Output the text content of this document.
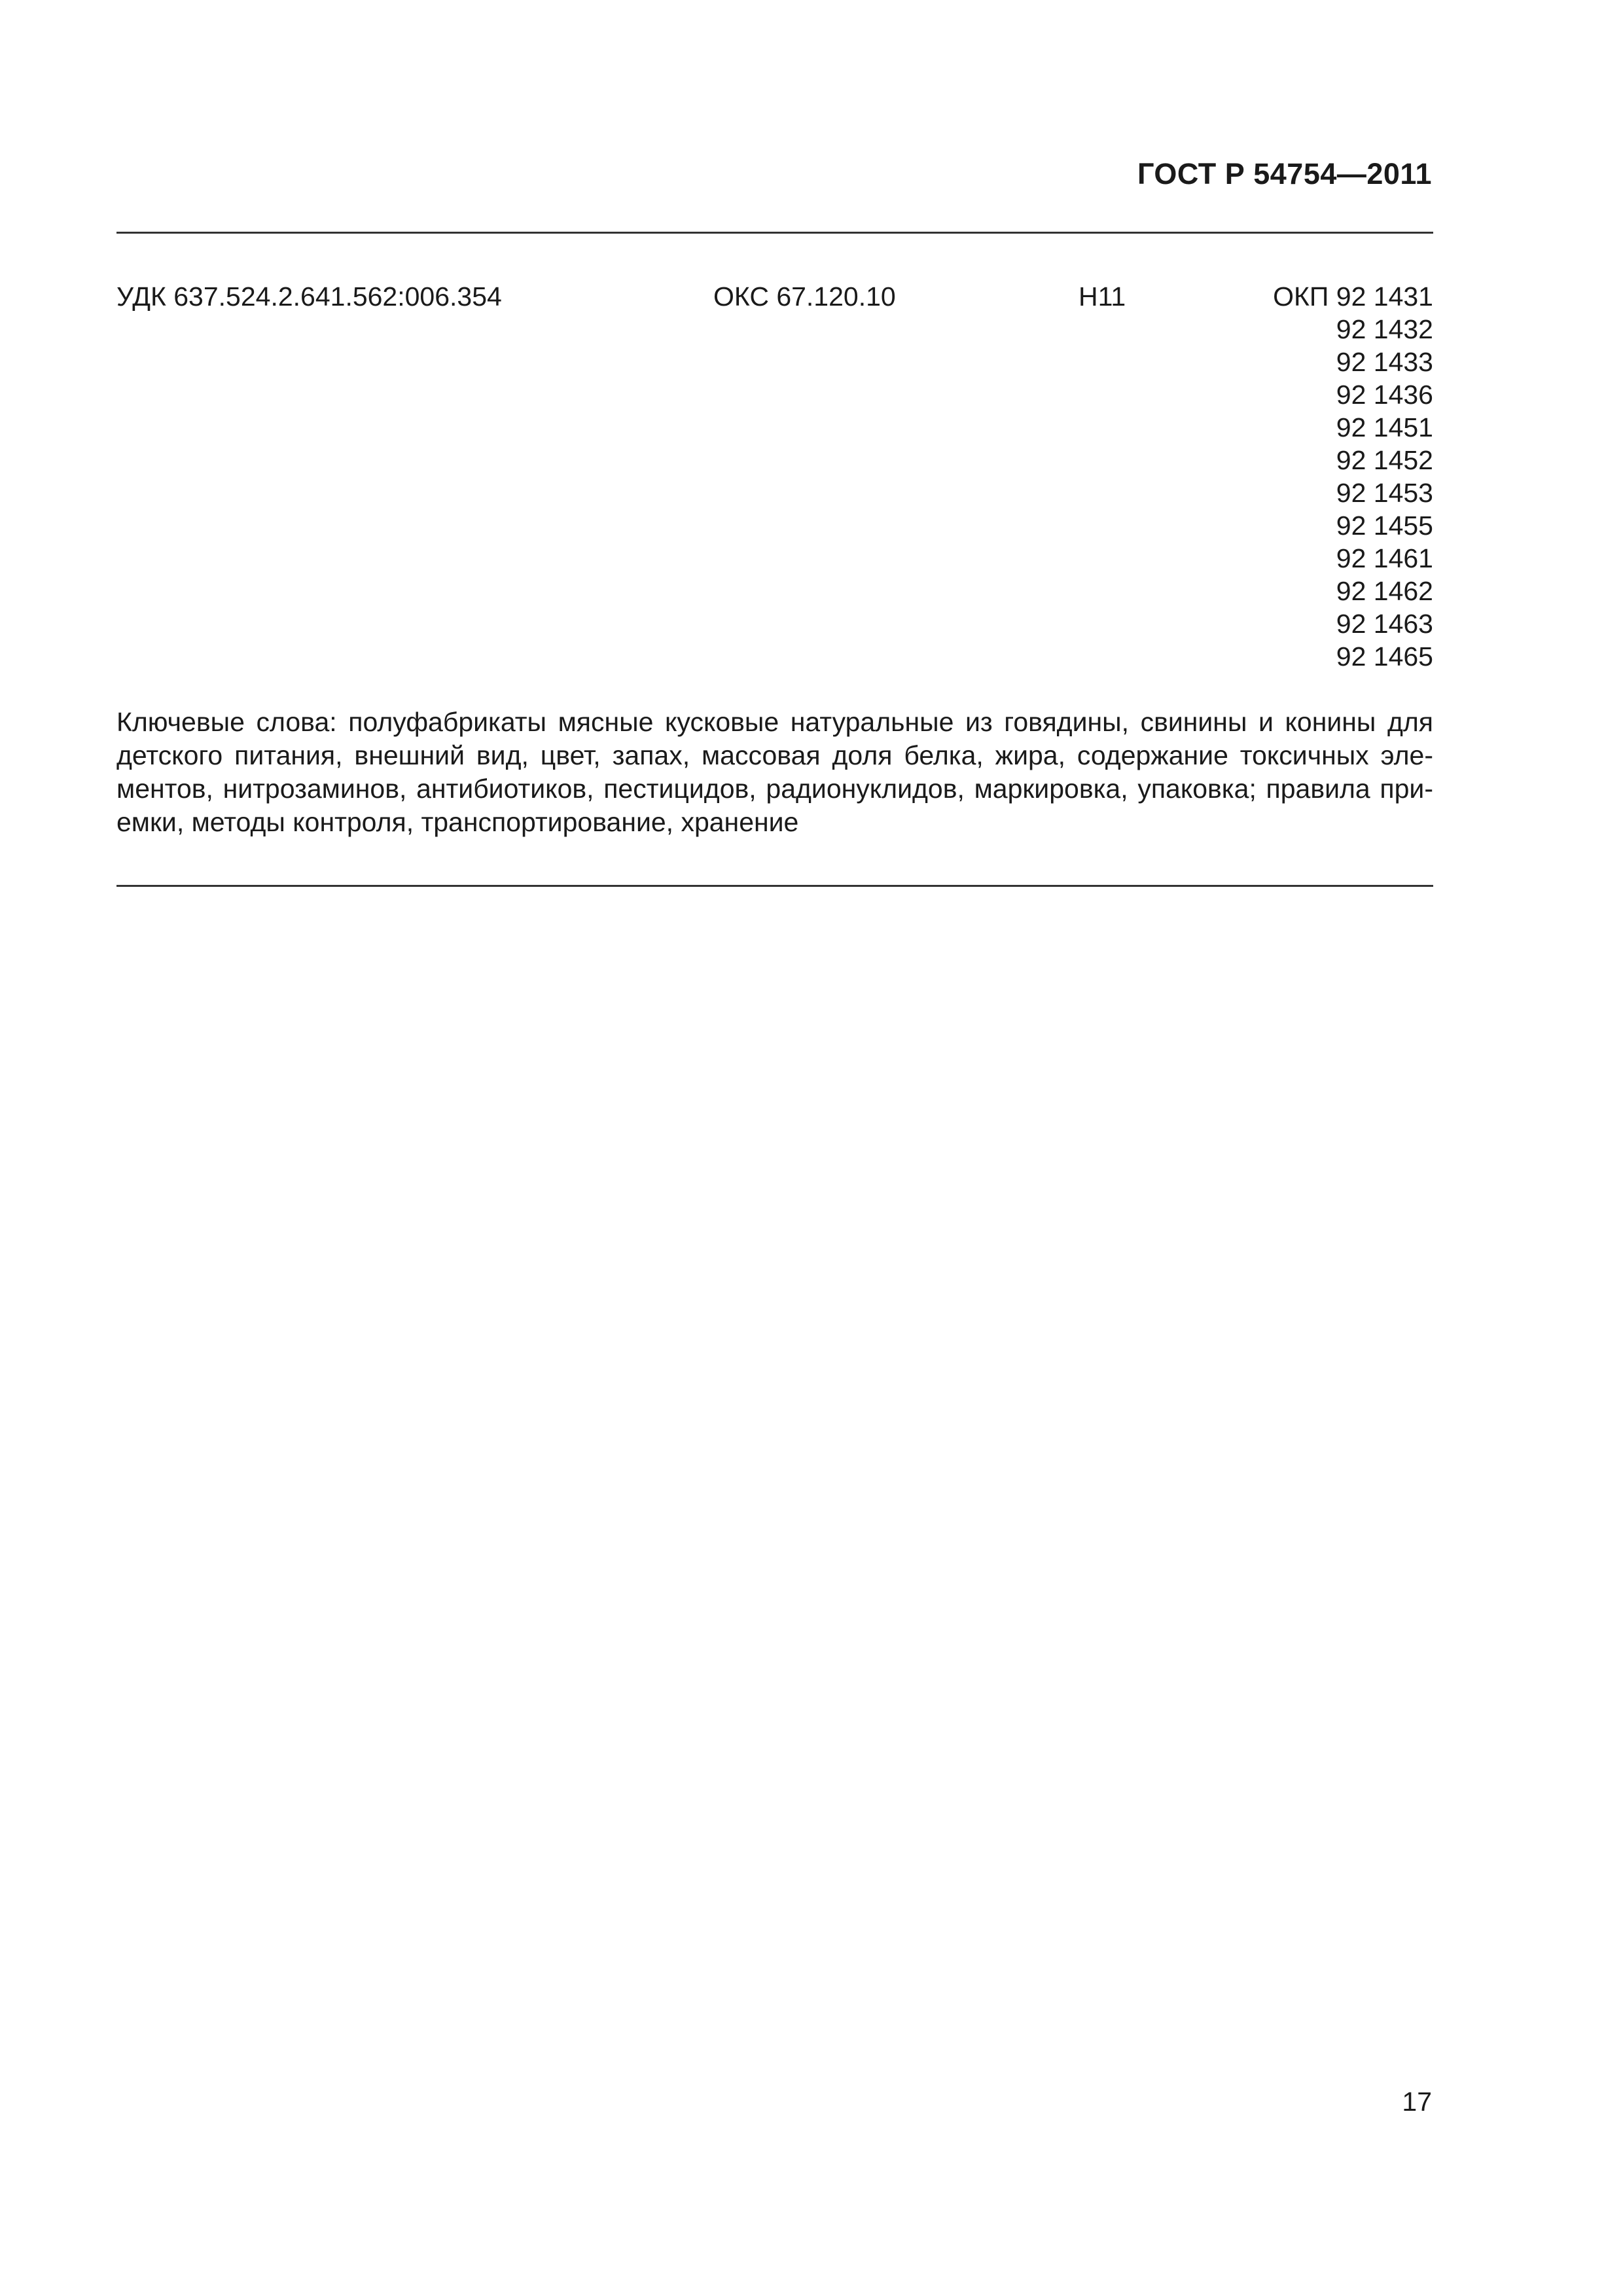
ГОСТ Р 54754—2011
УДК 637.524.2.641.562:006.354	ОКС 67.120.10	Н11	ОКП 92 1431
92 1432
92 1433
92 1436
92 1451
92 1452
92 1453
92 1455
92 1461
92 1462
92 1463
92 1465
Ключевые слова: полуфабрикаты мясные кусковые натуральные из говядины, свинины и конины для детского питания, внешний вид, цвет, запах, массовая доля белка, жира, содержание токсичных элементов, нитрозаминов, антибиотиков, пестицидов, радионуклидов, маркировка, упаковка; правила приемки, методы контроля, транспортирование, хранение
17
